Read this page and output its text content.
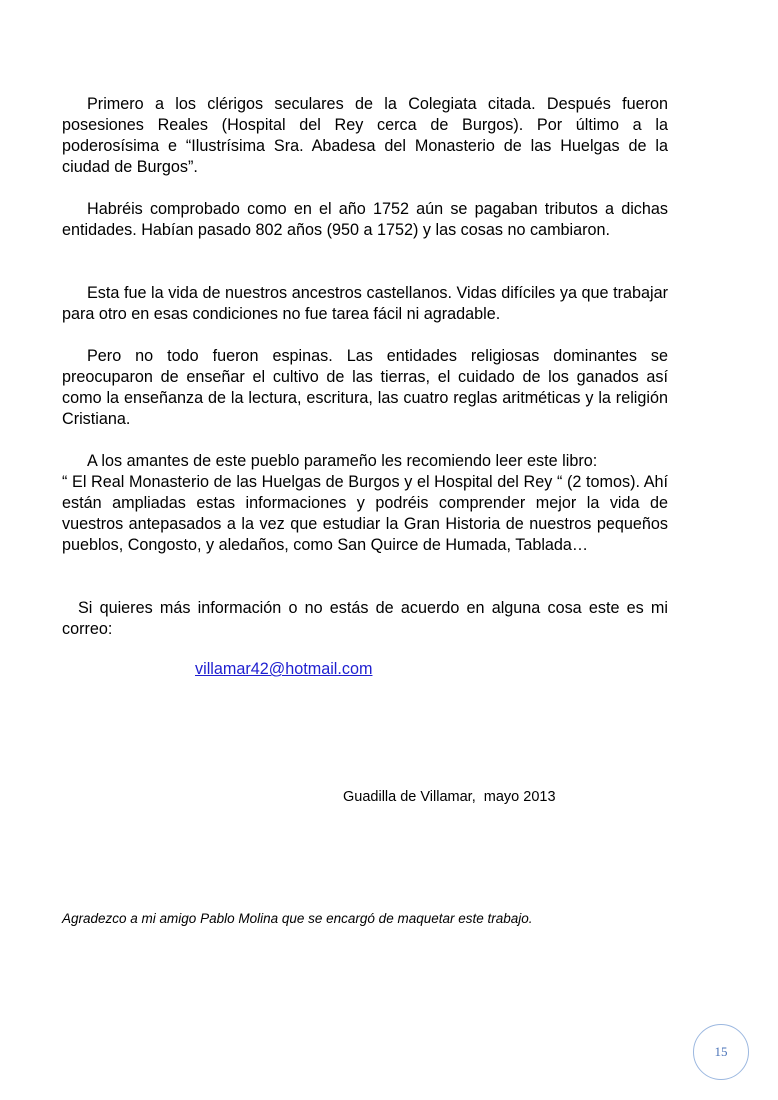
Primero a los clérigos seculares de la Colegiata citada. Después fueron posesiones Reales (Hospital del Rey cerca de Burgos). Por último a la poderosísima e “Ilustrísima Sra. Abadesa del Monasterio de las Huelgas de la ciudad de Burgos”.

Habréis comprobado como en el año 1752 aún se pagaban tributos a dichas entidades. Habían pasado 802 años (950 a 1752) y las cosas no cambiaron.

Esta fue la vida de nuestros ancestros castellanos. Vidas difíciles ya que trabajar para otro en esas condiciones no fue tarea fácil ni agradable.

Pero no todo fueron espinas. Las entidades religiosas dominantes se preocuparon de enseñar el cultivo de las tierras, el cuidado de los ganados así como la enseñanza de la lectura, escritura, las cuatro reglas aritméticas y la religión Cristiana.

A los amantes de este pueblo parameño les recomiendo leer este libro:

“ El Real Monasterio de las Huelgas de Burgos y el Hospital del Rey “ (2 tomos). Ahí están ampliadas estas informaciones y podréis comprender mejor la vida de vuestros antepasados a la vez que estudiar la Gran Historia de nuestros pequeños pueblos, Congosto, y aledaños, como San Quirce de Humada, Tablada…

Si quieres más información o no estás de acuerdo en alguna cosa este es mi correo:

villamar42@hotmail.com
Guadilla de Villamar,  mayo 2013
Agradezco a mi amigo Pablo Molina que se encargó de maquetar este trabajo.
15
